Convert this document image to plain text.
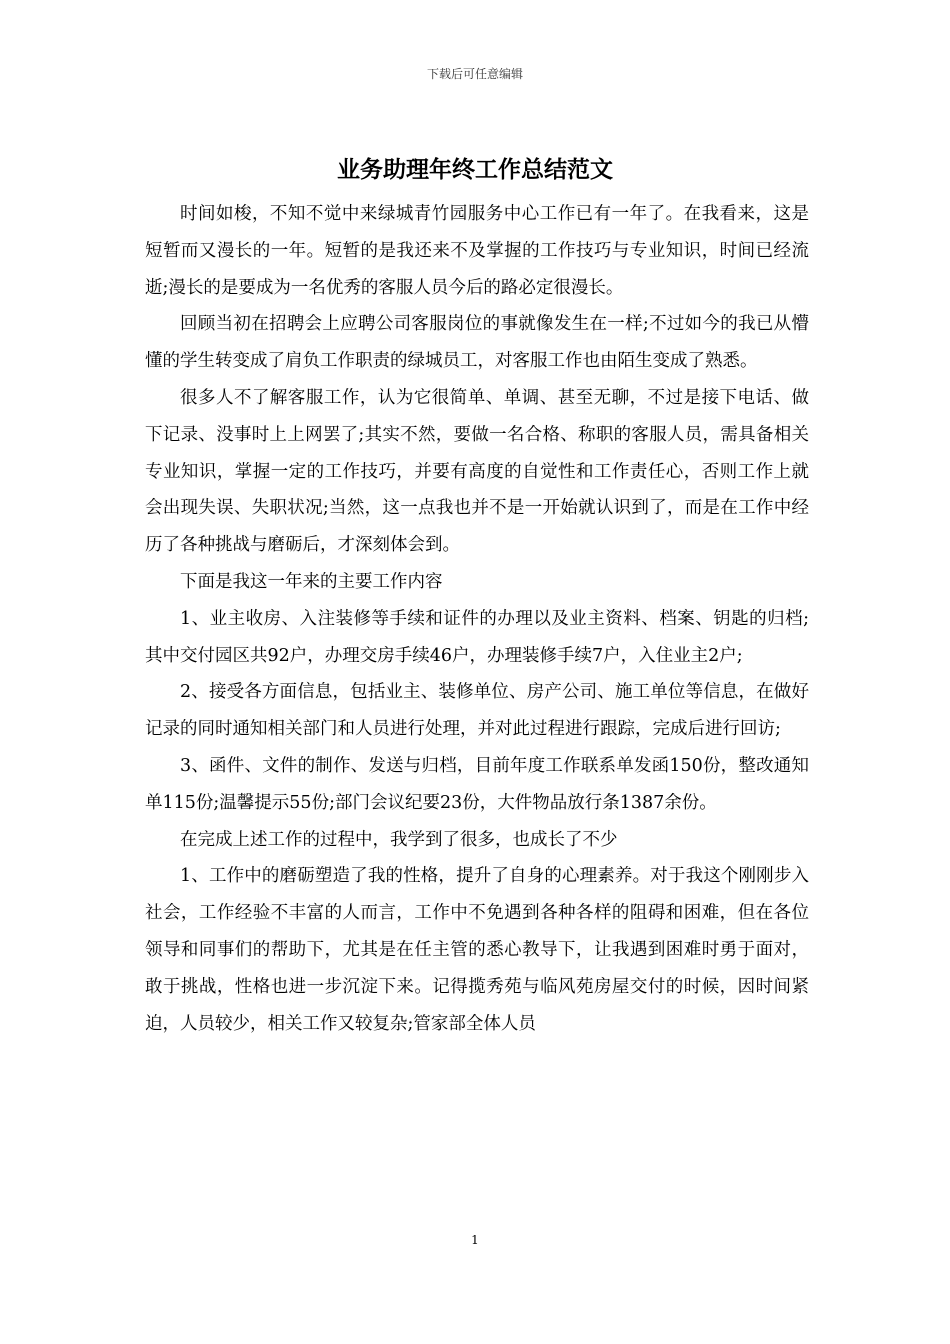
下载后可任意编辑
业务助理年终工作总结范文

时间如梭，不知不觉中来绿城青竹园服务中心工作已有一年了。在我看来，这是短暂而又漫长的一年。短暂的是我还来不及掌握的工作技巧与专业知识，时间已经流逝;漫长的是要成为一名优秀的客服人员今后的路必定很漫长。

回顾当初在招聘会上应聘公司客服岗位的事就像发生在一样;不过如今的我已从懵懂的学生转变成了肩负工作职责的绿城员工，对客服工作也由陌生变成了熟悉。

很多人不了解客服工作，认为它很简单、单调、甚至无聊，不过是接下电话、做下记录、没事时上上网罢了;其实不然，要做一名合格、称职的客服人员，需具备相关专业知识，掌握一定的工作技巧，并要有高度的自觉性和工作责任心，否则工作上就会出现失误、失职状况;当然，这一点我也并不是一开始就认识到了，而是在工作中经历了各种挑战与磨砺后，才深刻体会到。

下面是我这一年来的主要工作内容

1、业主收房、入注装修等手续和证件的办理以及业主资料、档案、钥匙的归档;其中交付园区共92户，办理交房手续46户，办理装修手续7户，入住业主2户;

2、接受各方面信息，包括业主、装修单位、房产公司、施工单位等信息，在做好记录的同时通知相关部门和人员进行处理，并对此过程进行跟踪，完成后进行回访;

3、函件、文件的制作、发送与归档，目前年度工作联系单发函150份，整改通知单115份;温馨提示55份;部门会议纪要23份，大件物品放行条1387余份。

在完成上述工作的过程中，我学到了很多，也成长了不少

1、工作中的磨砺塑造了我的性格，提升了自身的心理素养。对于我这个刚刚步入社会，工作经验不丰富的人而言，工作中不免遇到各种各样的阻碍和困难，但在各位领导和同事们的帮助下，尤其是在任主管的悉心教导下，让我遇到困难时勇于面对，敢于挑战，性格也进一步沉淀下来。记得揽秀苑与临风苑房屋交付的时候，因时间紧迫，人员较少，相关工作又较复杂;管家部全体人员

1
